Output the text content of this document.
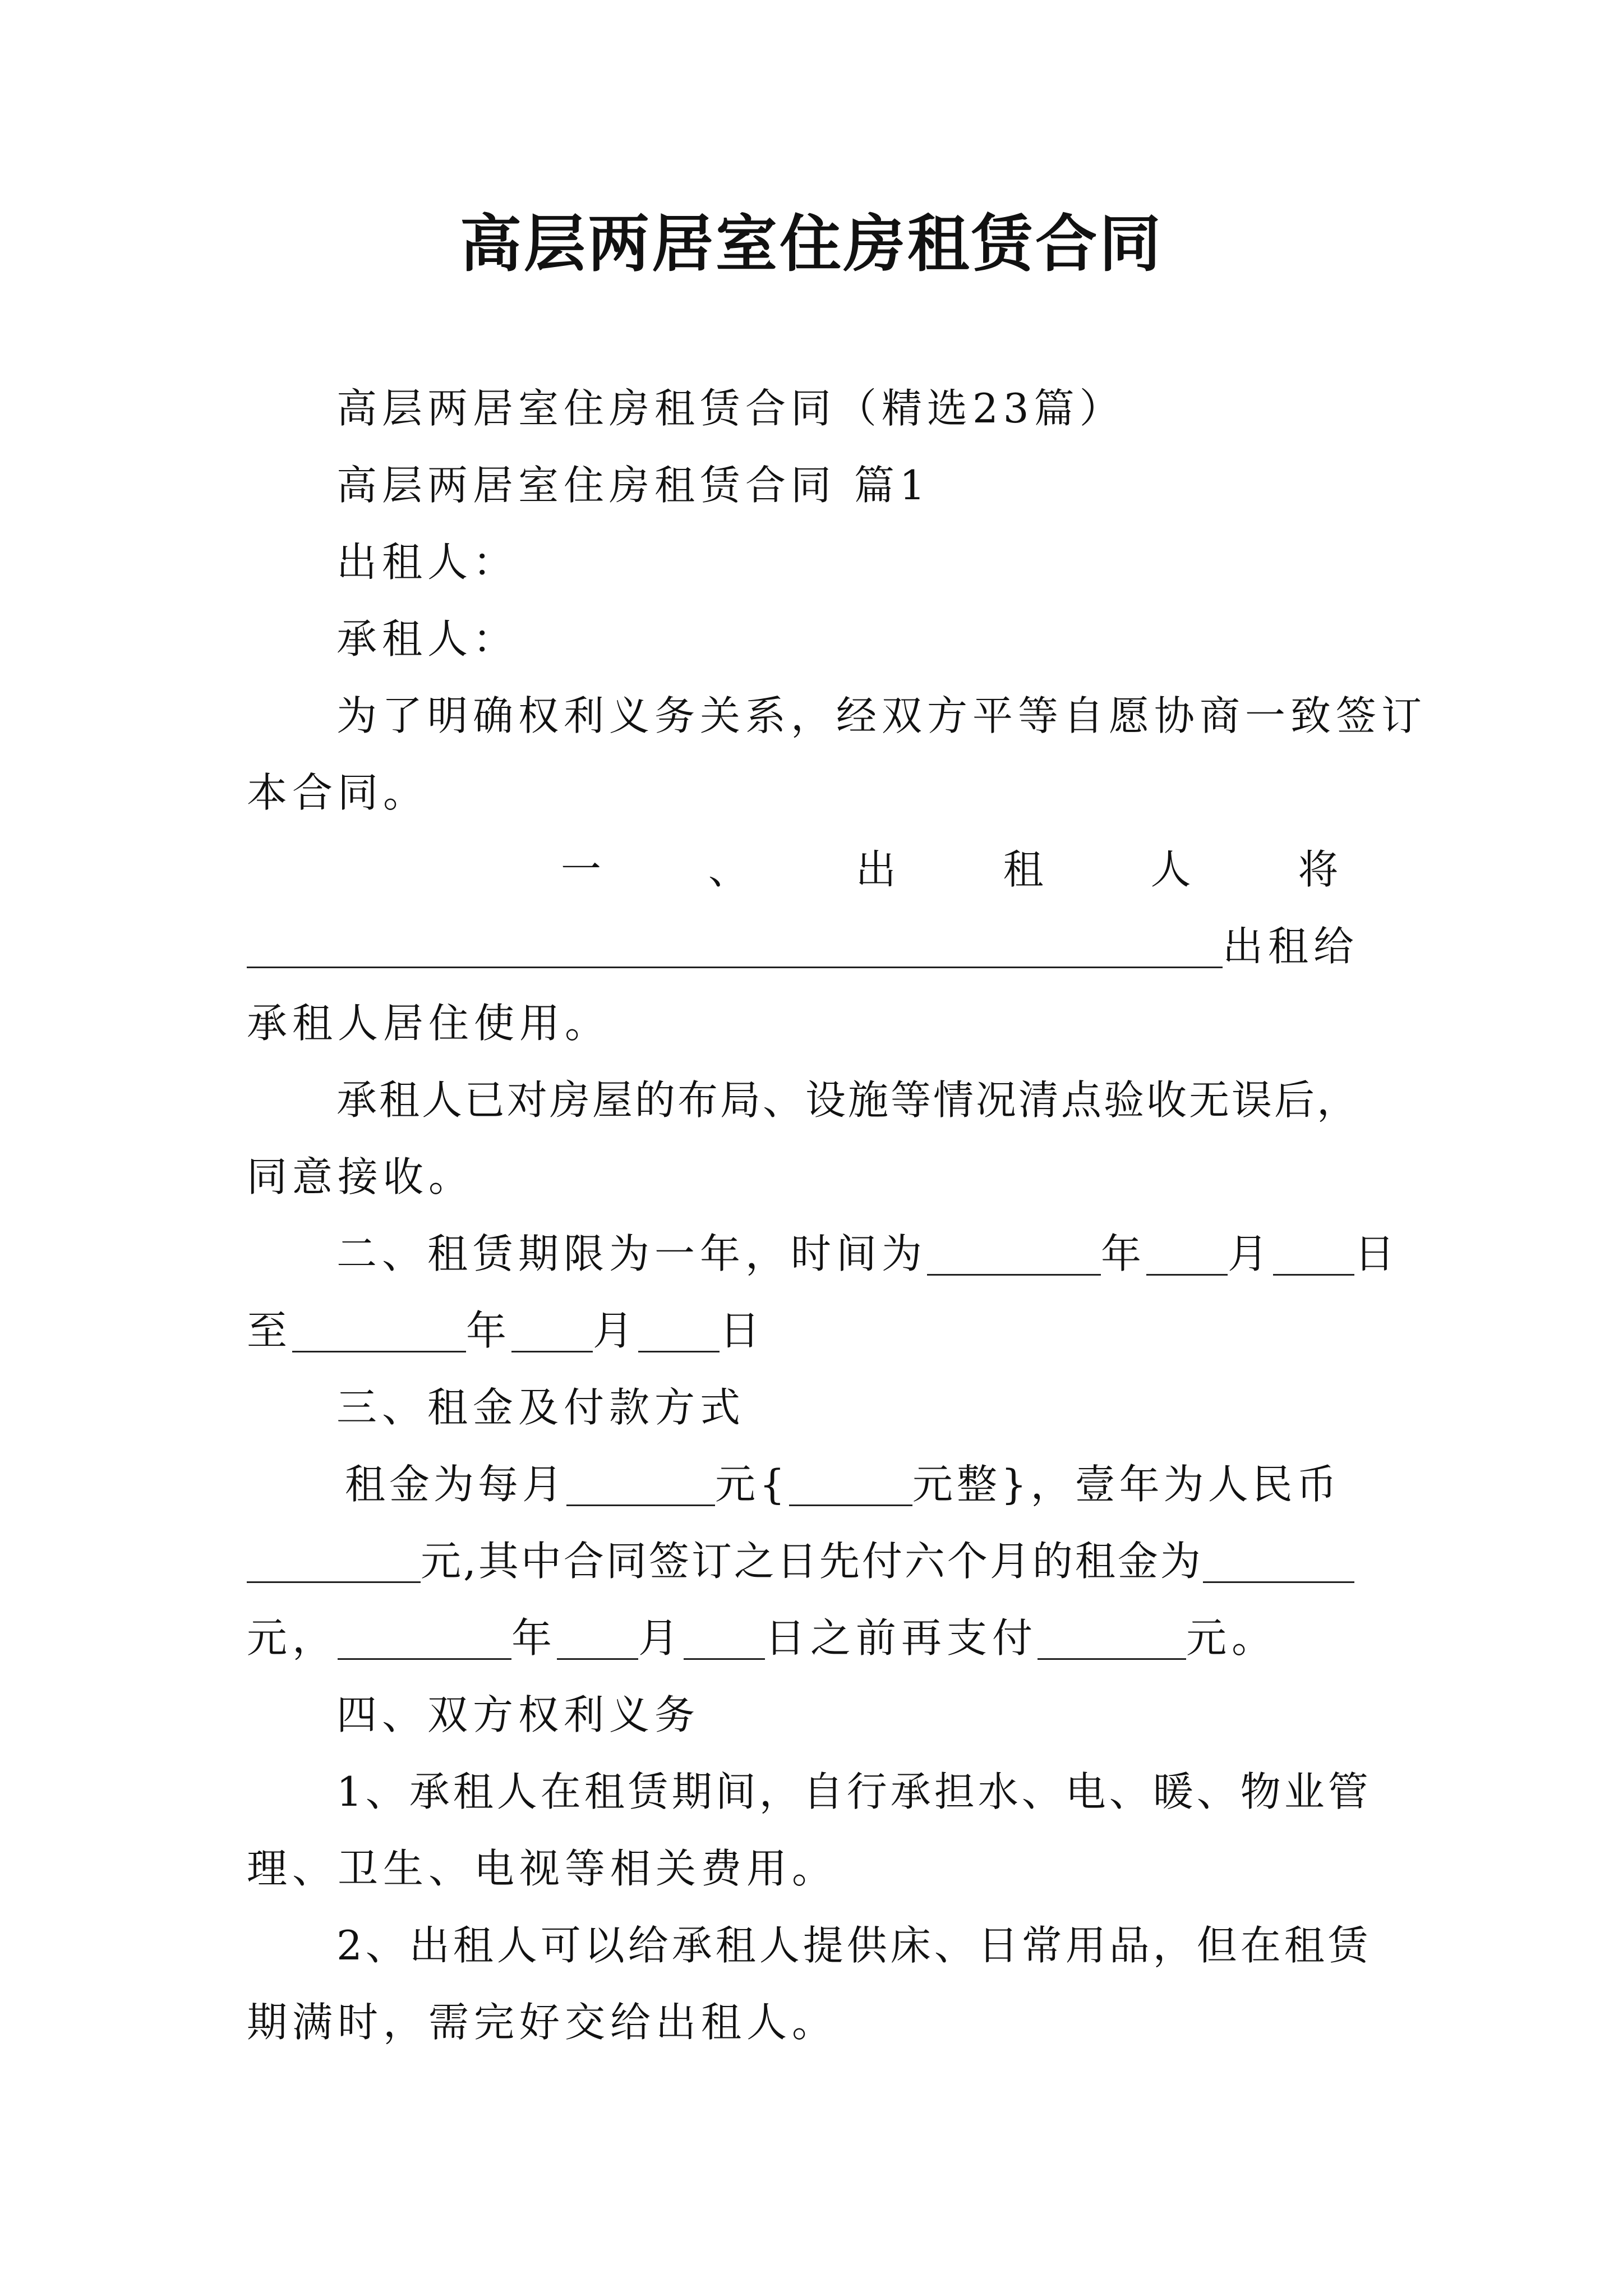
高层两居室住房租赁合同

高层两居室住房租赁合同（精选23篇）

高层两居室住房租赁合同 篇1

出租人：

承租人：

为了明确权利义务关系，经双方平等自愿协商一致签订

本合同。

一 、 出 租 人 将

出租给

承租人居住使用。

承租人已对房屋的布局、设施等情况清点验收无误后，

同意接收。

二、租赁期限为一年，时间为	年 月 日

至	年 月 日

三、租金及付款方式

租金为每月	元{	元整}，壹年为人民币

元,其中合同签订之日先付六个月的租金为

元，	年 月 日之前再支付	元。

四、双方权利义务

1、承租人在租赁期间，自行承担水、电、暖、物业管

理、卫生、电视等相关费用。

2、出租人可以给承租人提供床、日常用品，但在租赁

期满时，需完好交给出租人。
